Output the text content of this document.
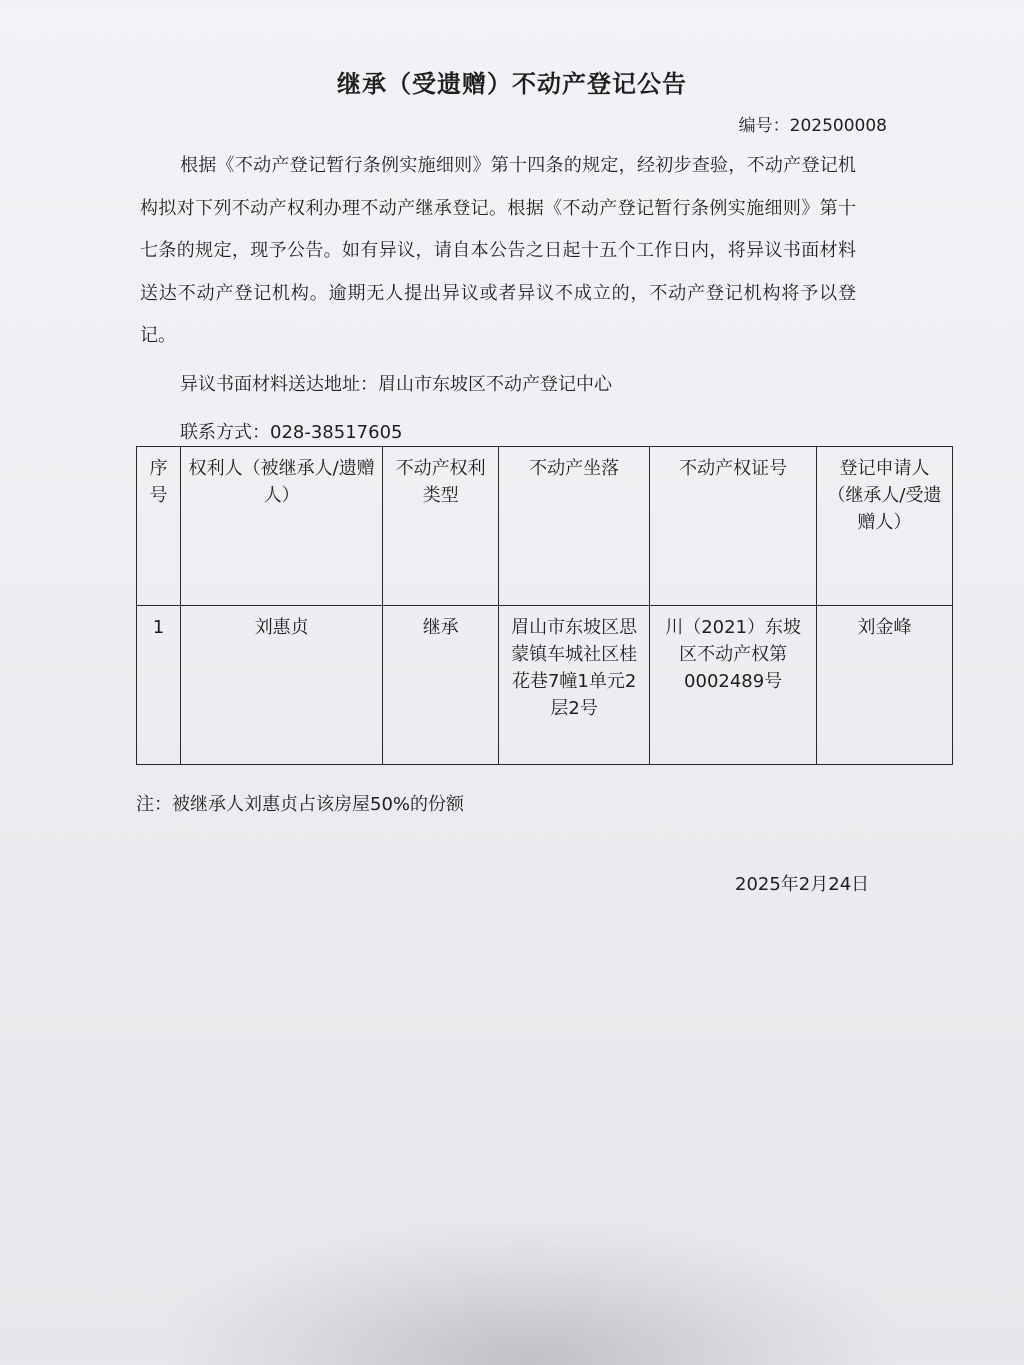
继承（受遗赠）不动产登记公告
编号：202500008
根据《不动产登记暂行条例实施细则》第十四条的规定，经初步查验，不动产登记机构拟对下列不动产权利办理不动产继承登记。根据《不动产登记暂行条例实施细则》第十七条的规定，现予公告。如有异议，请自本公告之日起十五个工作日内，将异议书面材料送达不动产登记机构。逾期无人提出异议或者异议不成立的，不动产登记机构将予以登记。
异议书面材料送达地址：眉山市东坡区不动产登记中心
联系方式：028-38517605
序号	权利人（被继承人/遗赠人）	不动产权利类型	不动产坐落	不动产权证号	登记申请人（继承人/受遗赠人）
1	刘惠贞	继承	眉山市东坡区思蒙镇车城社区桂花巷7幢1单元2层2号	川（2021）东坡区不动产权第0002489号	刘金峰
注：被继承人刘惠贞占该房屋50%的份额
2025年2月24日
